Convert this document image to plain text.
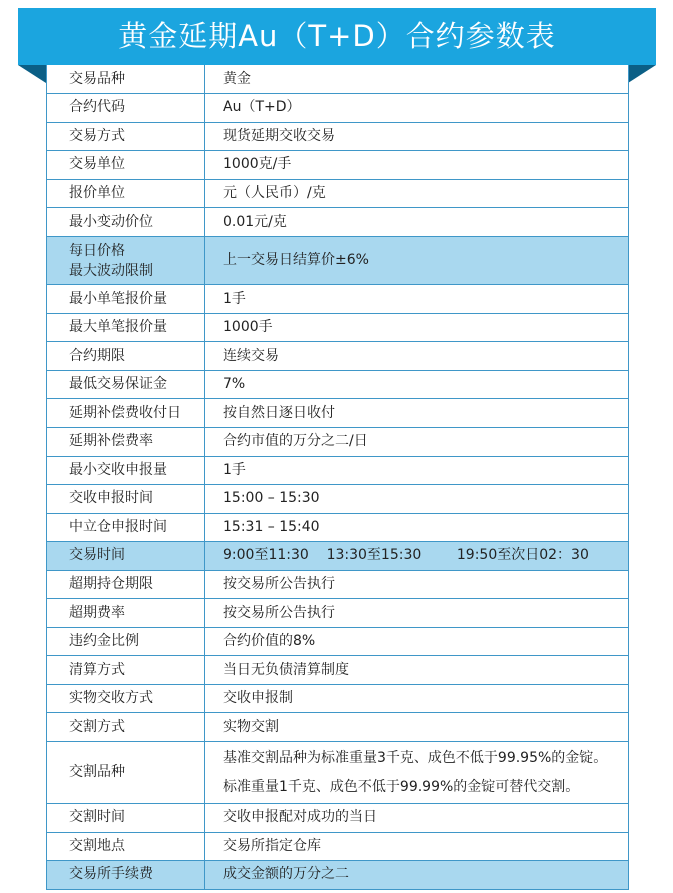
黄金延期Au（T+D）合约参数表
交易品种	黄金
合约代码	Au（T+D）
交易方式	现货延期交收交易
交易单位	1000克/手
报价单位	元（人民币）/克
最小变动价位	0.01元/克

每日价格
最大波动限制	上一交易日结算价±6%
最小单笔报价量	1手
最大单笔报价量	1000手
合约期限	连续交易
最低交易保证金	7%
延期补偿费收付日	按自然日逐日收付
延期补偿费率	合约市值的万分之二/日
最小交收申报量	1手
交收申报时间	15:00 – 15:30
中立仓申报时间	15:31 – 15:40
交易时间	9:00至11:30    13:30至15:30        19:50至次日02：30
超期持仓期限	按交易所公告执行
超期费率	按交易所公告执行
违约金比例	合约价值的8%
清算方式	当日无负债清算制度
实物交收方式	交收申报制
交割方式	实物交割
交割品种	基准交割品种为标准重量3千克、成色不低于99.95%的金锭。
标准重量1千克、成色不低于99.99%的金锭可替代交割。

交割时间	交收申报配对成功的当日
交割地点	交易所指定仓库
交易所手续费	成交金额的万分之二
